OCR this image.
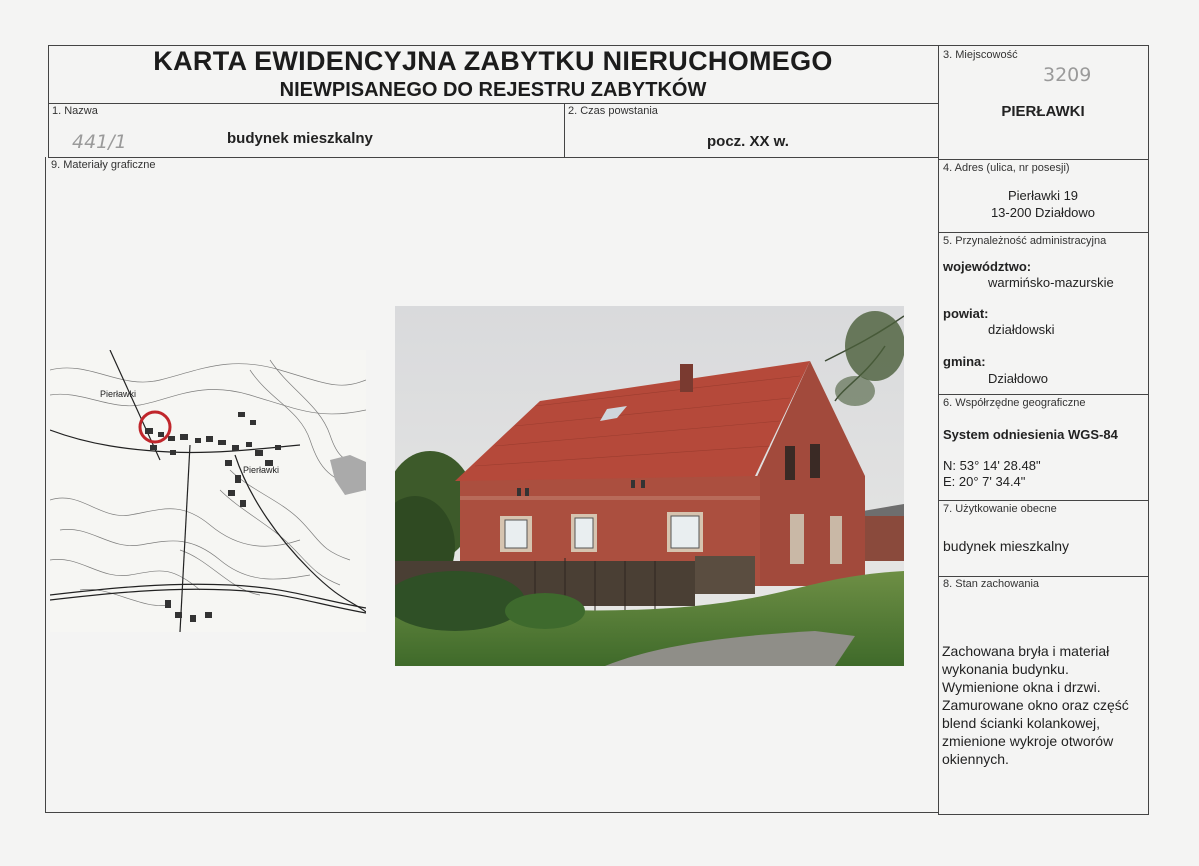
KARTA EWIDENCYJNA ZABYTKU NIERUCHOMEGO
NIEWPISANEGO DO REJESTRU ZABYTKÓW
1. Nazwa
441/1	budynek mieszkalny
2. Czas powstania
pocz. XX w.
3. Miejscowość
3209
PIERŁAWKI
9. Materiały graficzne	4. Adres (ulica, nr posesji)
Pierławki 19
13-200 Działdowo
5. Przynależność administracyjna
województwo:
warmińsko-mazurskie
powiat:
działdowski
gmina:
Działdowo
6. Współrzędne geograficzne
System odniesienia WGS-84
N: 53° 14' 28.48"
E: 20° 7' 34.4"
7. Użytkowanie obecne
budynek mieszkalny
8. Stan zachowania
Zachowana bryła i materiał wykonania budynku. Wymienione okna i drzwi. Zamurowane okno oraz część blend ścianki kolankowej, zmienione wykroje otworów okiennych.
Pierławki
Pierławki
